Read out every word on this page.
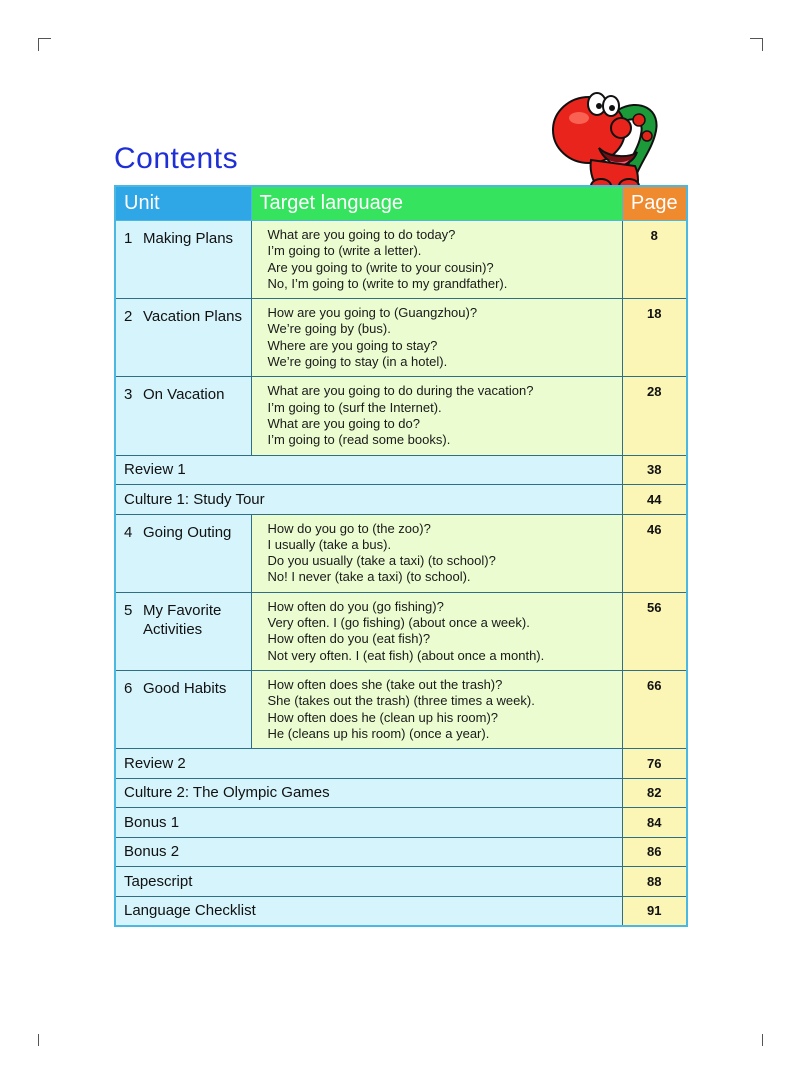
Contents
Unit	Target language	Page
1 Making Plans	What are you going to do today?
I’m going to (write a letter).
Are you going to (write to your cousin)?
No, I’m going to (write to my grandfather).	8
2 Vacation Plans	How are you going to (Guangzhou)?
We’re going by (bus).
Where are you going to stay?
We’re going to stay (in a hotel).	18
3 On Vacation	What are you going to do during the vacation?
I’m going to (surf the Internet).
What are you going to do?
I’m going to (read some books).	28
Review 1		38
Culture 1: Study Tour		44
4 Going Outing	How do you go to (the zoo)?
I usually (take a bus).
Do you usually (take a taxi) (to school)?
No! I never (take a taxi) (to school).	46
5 My Favorite
Activities	How often do you (go fishing)?
Very often. I (go fishing) (about once a week).
How often do you (eat fish)?
Not very often. I (eat fish) (about once a month).	56
6 Good Habits	How often does she (take out the trash)?
She (takes out the trash) (three times a week).
How often does he (clean up his room)?
He (cleans up his room) (once a year).	66
Review 2		76
Culture 2: The Olympic Games		82
Bonus 1		84
Bonus 2		86
Tapescript		88
Language Checklist		91
